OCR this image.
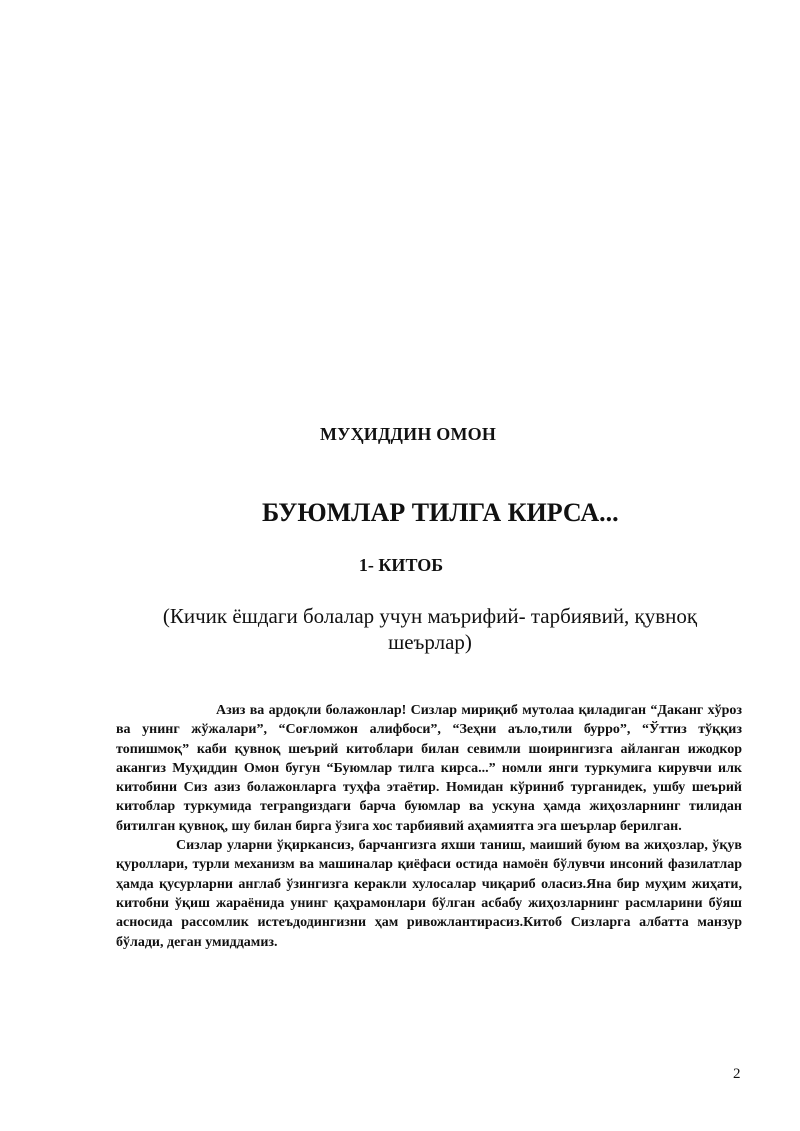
МУҲИДДИН ОМОН
БУЮМЛАР ТИЛГА КИРСА...
1- КИТОБ
(Кичик ёшдаги болалар учун маърифий- тарбиявий, қувноқ шеърлар)

Азиз ва ардоқли болажонлар! Сизлар мириқиб мутолаа қиладиган “Даканг хўроз ва унинг жўжалари”, “Соғломжон алифбоси”, “Зеҳни аъло,тили бурро”, “Ўттиз тўққиз топишмоқ” каби қувноқ шеърий китоблари билан севимли шоирингизга айланган ижодкор акангиз Муҳиддин Омон бугун “Буюмлар тилга кирса...” номли янги туркумига кирувчи илк китобини Сиз азиз болажонларга туҳфа этаётир. Номидан кўриниб турганидек, ушбу шеърий китоблар туркумида теграngиздаги барча буюмлар ва ускуна ҳамда жиҳозларнинг тилидан битилган қувноқ, шу билан бирга ўзига хос тарбиявий аҳамиятга эга шеърлар берилган.

Сизлар уларни ўқиркансиз, барчангизга яхши таниш, маиший буюм ва жиҳозлар, ўқув қуроллари, турли механизм ва машиналар қиёфаси остида намоён бўлувчи инсоний фазилатлар ҳамда қусурларни англаб ўзингизга керакли хулосалар чиқариб оласиз.Яна бир муҳим жиҳати, китобни ўқиш жараёнида унинг қаҳрамонлари бўлган асбабу жиҳозларнинг расмларини бўяш асносида рассомлик истеъдодингизни ҳам ривожлантирасиз.Китоб Сизларга албатта манзур бўлади, деган умиддамиз.

2
